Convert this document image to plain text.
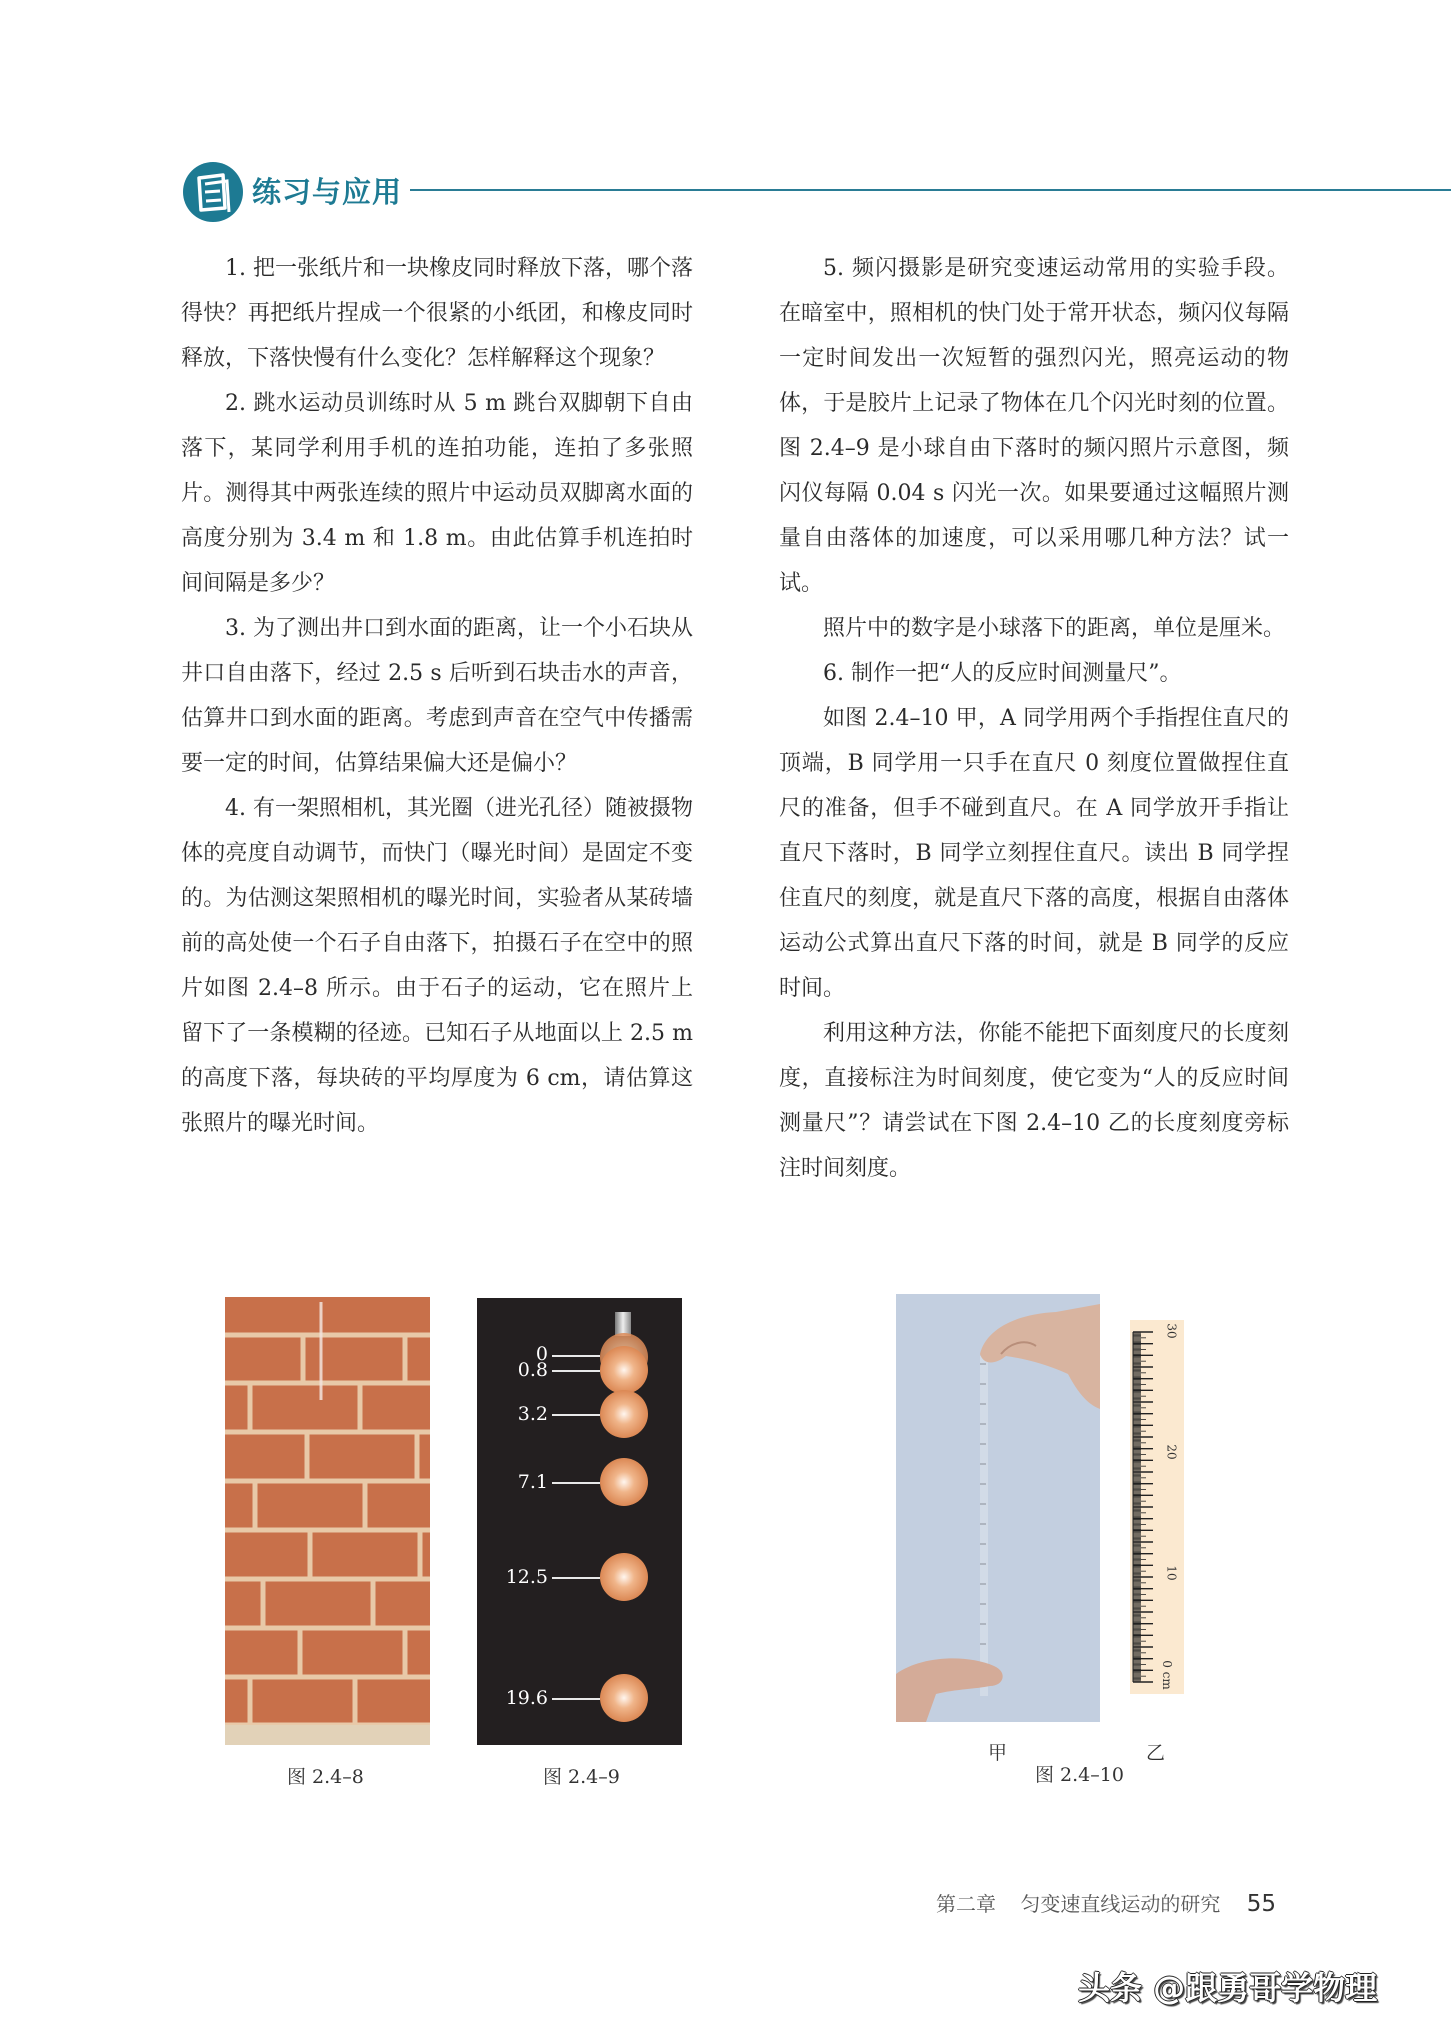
练习与应用

1. 把一张纸片和一块橡皮同时释放下落，哪个落得快？再把纸片捏成一个很紧的小纸团，和橡皮同时释放，下落快慢有什么变化？怎样解释这个现象？

2. 跳水运动员训练时从 5 m 跳台双脚朝下自由落下，某同学利用手机的连拍功能，连拍了多张照片。测得其中两张连续的照片中运动员双脚离水面的高度分别为 3.4 m 和 1.8 m。由此估算手机连拍时间间隔是多少？

3. 为了测出井口到水面的距离，让一个小石块从井口自由落下，经过 2.5 s 后听到石块击水的声音，估算井口到水面的距离。考虑到声音在空气中传播需要一定的时间，估算结果偏大还是偏小？

4. 有一架照相机，其光圈（进光孔径）随被摄物体的亮度自动调节，而快门（曝光时间）是固定不变的。为估测这架照相机的曝光时间，实验者从某砖墙前的高处使一个石子自由落下，拍摄石子在空中的照片如图 2.4–8 所示。由于石子的运动，它在照片上留下了一条模糊的径迹。已知石子从地面以上 2.5 m 的高度下落，每块砖的平均厚度为 6 cm，请估算这张照片的曝光时间。

5. 频闪摄影是研究变速运动常用的实验手段。在暗室中，照相机的快门处于常开状态，频闪仪每隔一定时间发出一次短暂的强烈闪光，照亮运动的物体，于是胶片上记录了物体在几个闪光时刻的位置。图 2.4–9 是小球自由下落时的频闪照片示意图，频闪仪每隔 0.04 s 闪光一次。如果要通过这幅照片测量自由落体的加速度，可以采用哪几种方法？试一试。

照片中的数字是小球落下的距离，单位是厘米。

6. 制作一把“人的反应时间测量尺”。

如图 2.4–10 甲，A 同学用两个手指捏住直尺的顶端，B 同学用一只手在直尺 0 刻度位置做捏住直尺的准备，但手不碰到直尺。在 A 同学放开手指让直尺下落时，B 同学立刻捏住直尺。读出 B 同学捏住直尺的刻度，就是直尺下落的高度，根据自由落体运动公式算出直尺下落的时间，就是 B 同学的反应时间。

利用这种方法，你能不能把下面刻度尺的长度刻度，直接标注为时间刻度，使它变为“人的反应时间测量尺”？请尝试在下图 2.4–10 乙的长度刻度旁标注时间刻度。

图 2.4–8
0
0.8
3.2
7.1
12.5
19.6
图 2.4–9
甲
0 cm
10
20
30
乙
图 2.4–10
第二章 匀变速直线运动的研究 55
头条 @跟勇哥学物理
